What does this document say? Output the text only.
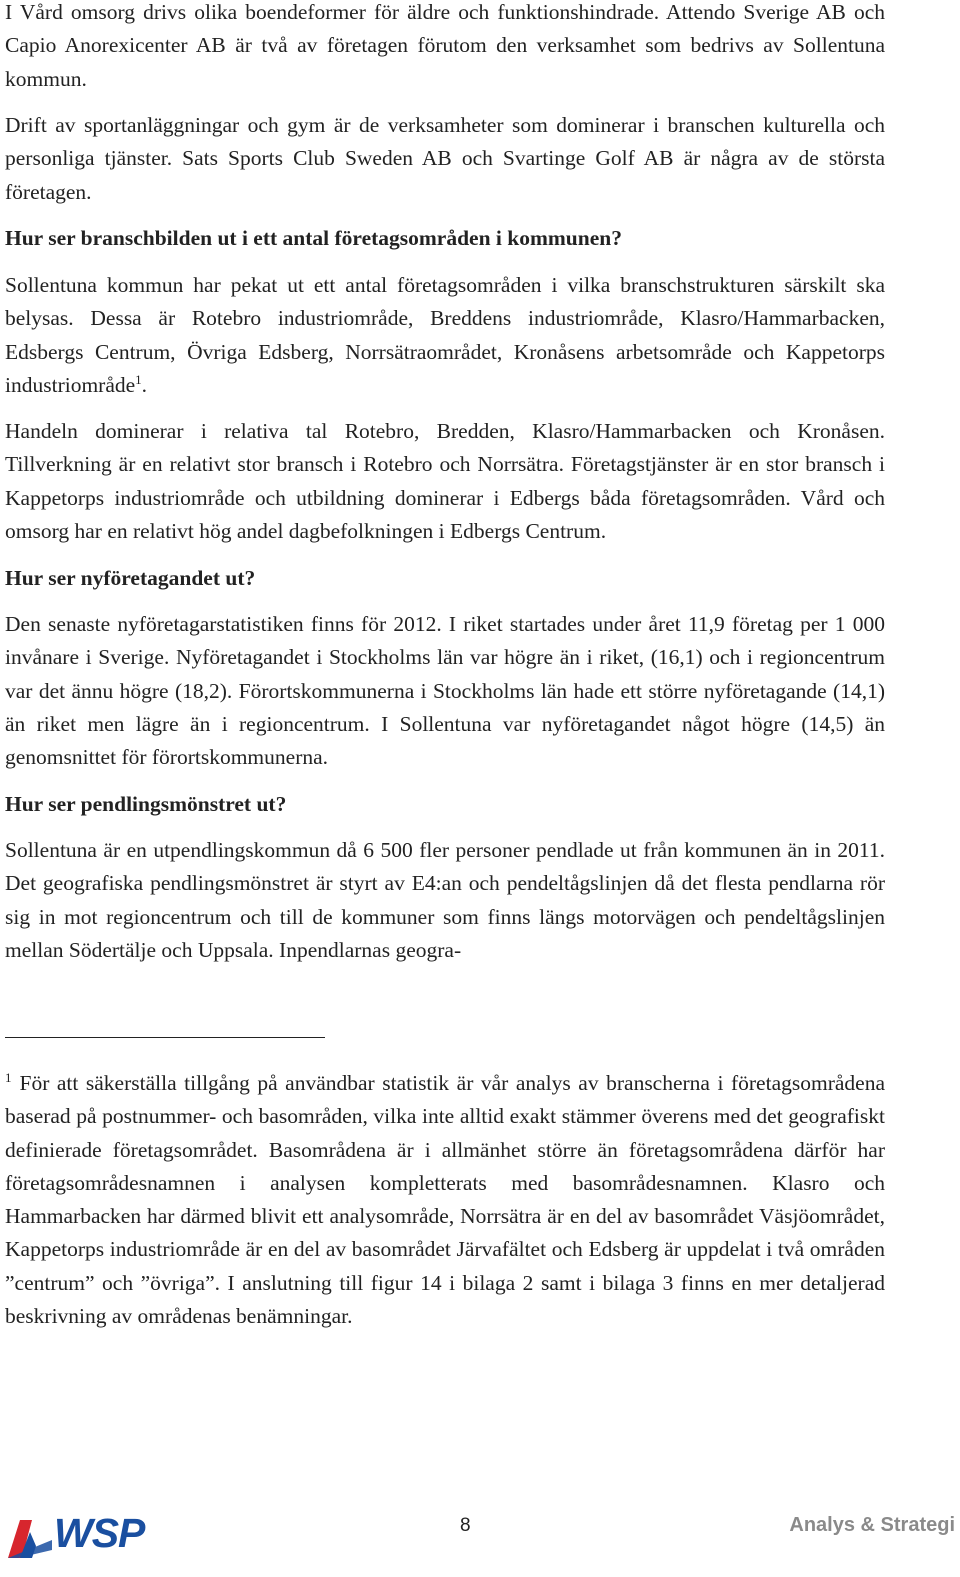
I Vård omsorg drivs olika boendeformer för äldre och funktionshindrade. Attendo Sverige AB och Capio Anorexicenter AB är två av företagen förutom den verksamhet som bedrivs av Sollentuna kommun.

Drift av sportanläggningar och gym är de verksamheter som dominerar i branschen kulturella och personliga tjänster. Sats Sports Club Sweden AB och Svartinge Golf AB är några av de största företagen.

Hur ser branschbilden ut i ett antal företagsområden i kommunen?

Sollentuna kommun har pekat ut ett antal företagsområden i vilka branschstrukturen särskilt ska belysas. Dessa är Rotebro industriområde, Breddens industriområde, Klasro/Hammarbacken, Edsbergs Centrum, Övriga Edsberg, Norrsätraområdet, Kronåsens arbetsområde och Kappetorps industriområde$^1$.

Handeln dominerar i relativa tal Rotebro, Bredden, Klasro/Hammarbacken och Kronåsen. Tillverkning är en relativt stor bransch i Rotebro och Norrsätra. Företagstjänster är en stor bransch i Kappetorps industriområde och utbildning dominerar i Edbergs båda företagsområden. Vård och omsorg har en relativt hög andel dagbefolkningen i Edbergs Centrum.

Hur ser nyföretagandet ut?

Den senaste nyföretagarstatistiken finns för 2012. I riket startades under året 11,9 företag per 1 000 invånare i Sverige. Nyföretagandet i Stockholms län var högre än i riket, (16,1) och i regioncentrum var det ännu högre (18,2). Förortskommunerna i Stockholms län hade ett större nyföretagande (14,1) än riket men lägre än i regioncentrum. I Sollentuna var nyföretagandet något högre (14,5) än genomsnittet för förortskommunerna.

Hur ser pendlingsmönstret ut?

Sollentuna är en utpendlingskommun då 6 500 fler personer pendlade ut från kommunen än in 2011. Det geografiska pendlingsmönstret är styrt av E4:an och pendeltågslinjen då det flesta pendlarna rör sig in mot regioncentrum och till de kommuner som finns längs motorvägen och pendeltågslinjen mellan Södertälje och Uppsala. Inpendlarnas geogra-

$^1$ För att säkerställa tillgång på användbar statistik är vår analys av branscherna i företagsområdena baserad på postnummer- och basområden, vilka inte alltid exakt stämmer överens med det geografiskt definierade företagsområdet. Basområdena är i allmänhet större än företagsområdena därför har företagsområdesnamnen i analysen kompletterats med basområdesnamnen. Klasro och Hammarbacken har därmed blivit ett analysområde, Norrsätra är en del av basområdet Väsjöområdet, Kappetorps industriområde är en del av basområdet Järvafältet och Edsberg är uppdelat i två områden ”centrum” och ”övriga”. I anslutning till figur 14 i bilaga 2 samt i bilaga 3 finns en mer detaljerad beskrivning av områdenas benämningar.

WSP	8	Analys & Strategi
